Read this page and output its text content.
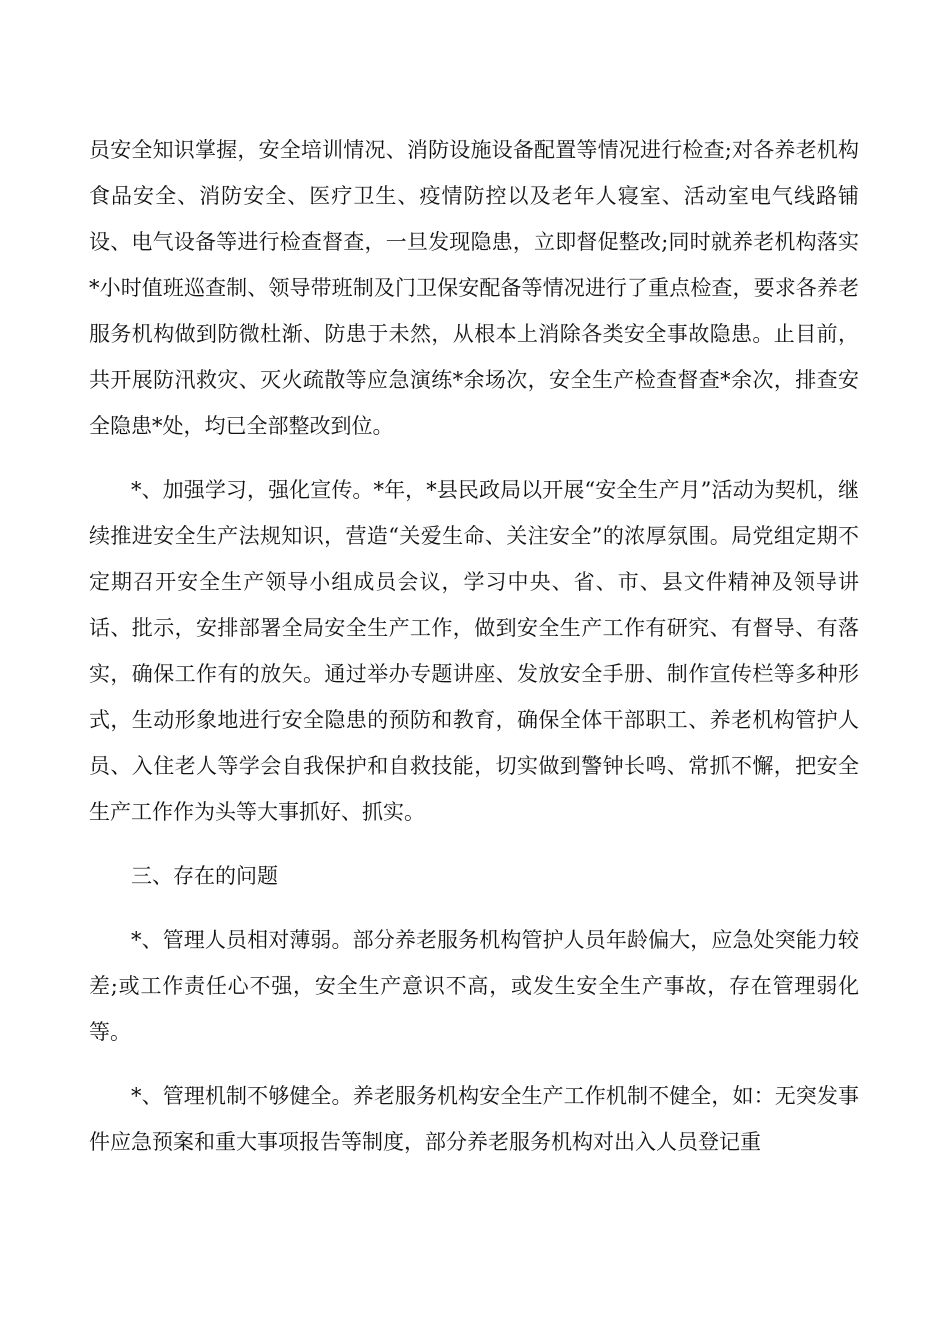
员安全知识掌握，安全培训情况、消防设施设备配置等情况进行检查;对各养老机构食品安全、消防安全、医疗卫生、疫情防控以及老年人寝室、活动室电气线路铺设、电气设备等进行检查督查，一旦发现隐患，立即督促整改;同时就养老机构落实*小时值班巡查制、领导带班制及门卫保安配备等情况进行了重点检查，要求各养老服务机构做到防微杜渐、防患于未然，从根本上消除各类安全事故隐患。止目前，共开展防汛救灾、灭火疏散等应急演练*余场次，安全生产检查督查*余次，排查安全隐患*处，均已全部整改到位。

*、加强学习，强化宣传。*年，*县民政局以开展“安全生产月”活动为契机，继续推进安全生产法规知识，营造“关爱生命、关注安全”的浓厚氛围。局党组定期不定期召开安全生产领导小组成员会议，学习中央、省、市、县文件精神及领导讲话、批示，安排部署全局安全生产工作，做到安全生产工作有研究、有督导、有落实，确保工作有的放矢。通过举办专题讲座、发放安全手册、制作宣传栏等多种形式，生动形象地进行安全隐患的预防和教育，确保全体干部职工、养老机构管护人员、入住老人等学会自我保护和自救技能，切实做到警钟长鸣、常抓不懈，把安全生产工作作为头等大事抓好、抓实。

三、存在的问题

*、管理人员相对薄弱。部分养老服务机构管护人员年龄偏大，应急处突能力较差;或工作责任心不强，安全生产意识不高，或发生安全生产事故，存在管理弱化等。

*、管理机制不够健全。养老服务机构安全生产工作机制不健全，如：无突发事件应急预案和重大事项报告等制度，部分养老服务机构对出入人员登记重
